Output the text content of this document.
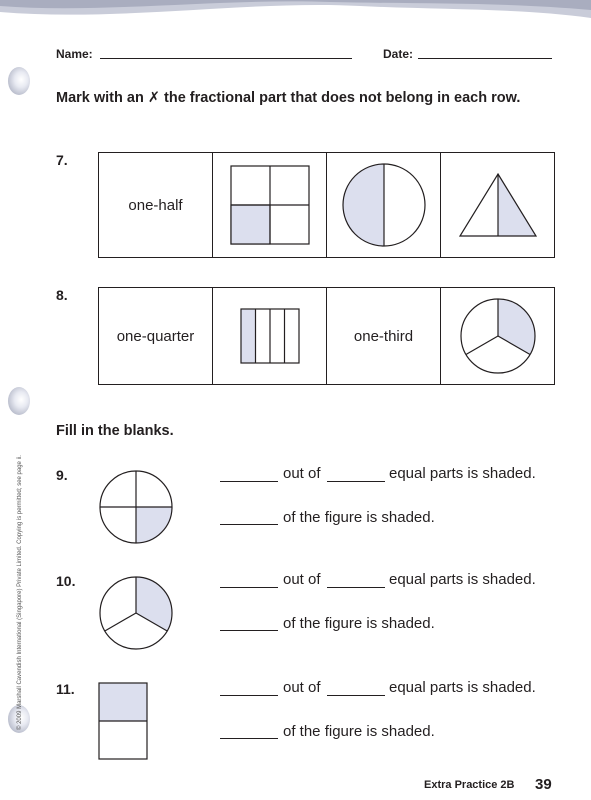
Name:	Date:
Mark with an ✗ the fractional part that does not belong in each row.
7.
one-half
8.
one-quarter	one-third
Fill in the blanks.
9.	out of	equal parts is shaded.
of the figure is shaded.
10.	out of	equal parts is shaded.
of the figure is shaded.
11.	out of	equal parts is shaded.
of the figure is shaded.
© 2009 Marshall Cavendish International (Singapore) Private Limited. Copying is permitted; see page ii.
Extra Practice 2B 39
